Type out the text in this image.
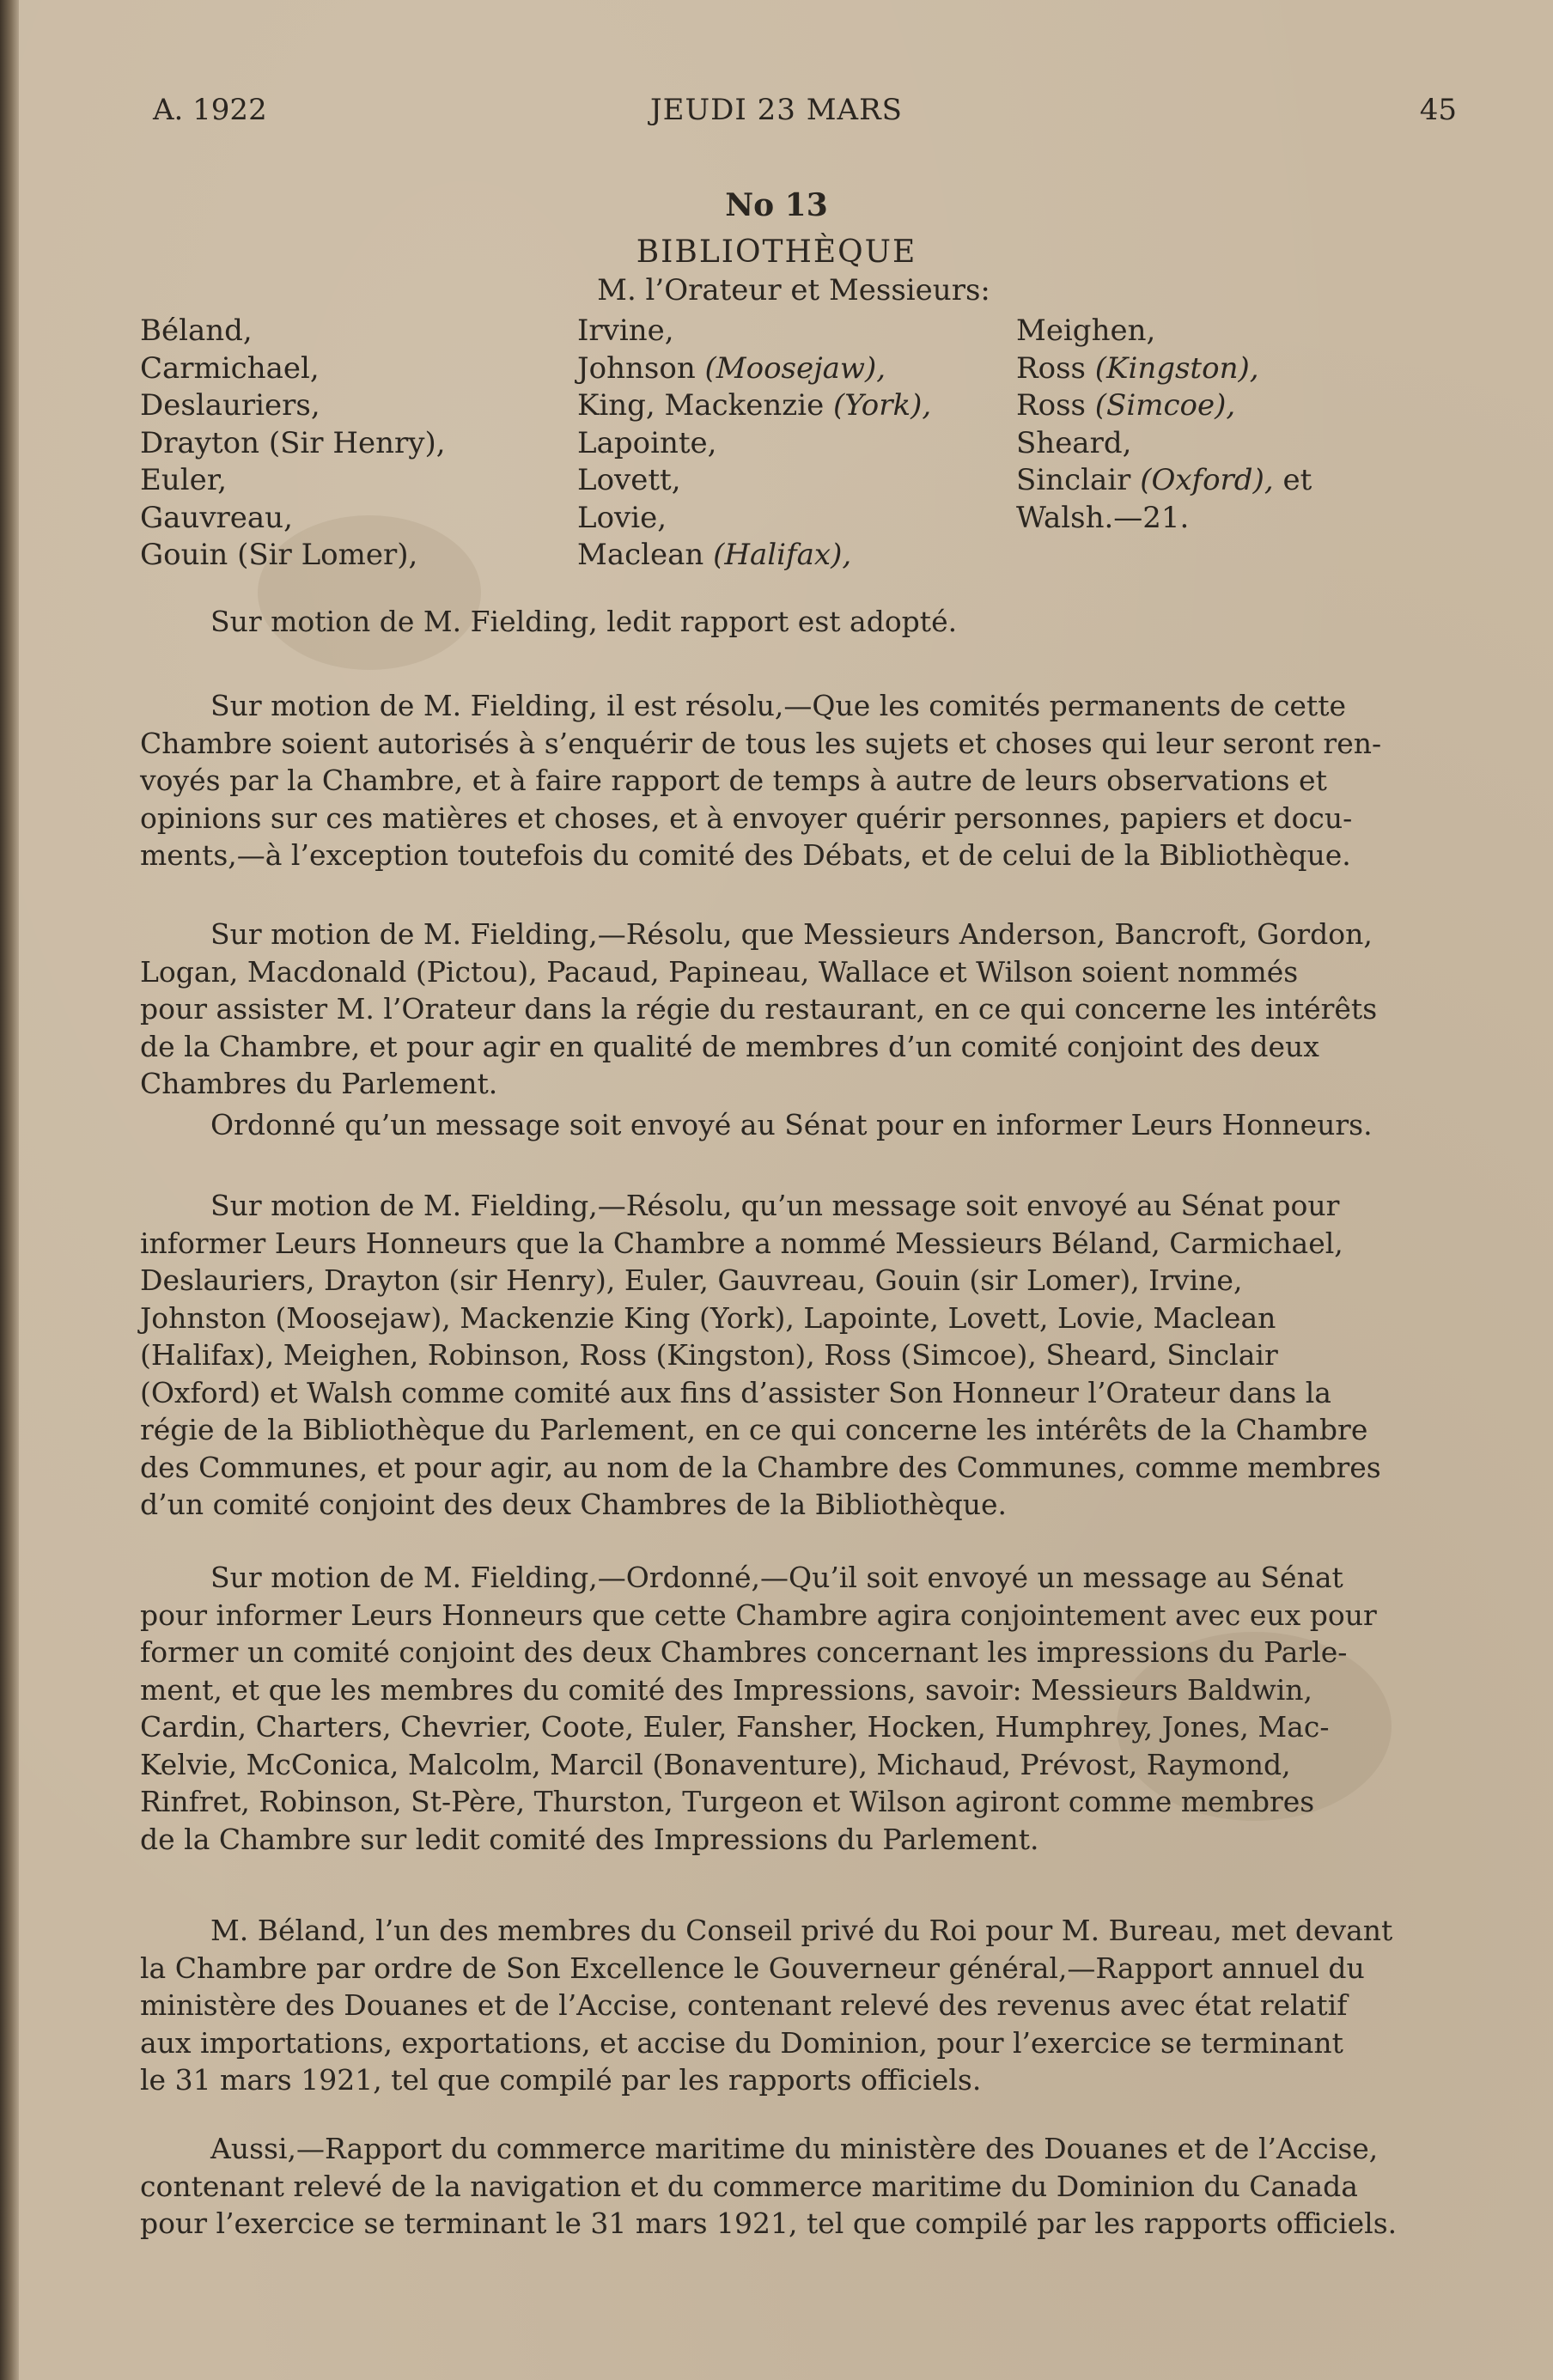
A. 1922	JEUDI 23 MARS	45
No 13
BIBLIOTHÈQUE
M. l’Orateur et Messieurs:
Béland,
Carmichael,
Deslauriers,
Drayton (Sir Henry),
Euler,
Gauvreau,
Gouin (Sir Lomer),
Irvine,
Johnson (Moosejaw),
King, Mackenzie (York),
Lapointe,
Lovett,
Lovie,
Maclean (Halifax),
Meighen,
Ross (Kingston),
Ross (Simcoe),
Sheard,
Sinclair (Oxford), et
Walsh.—21.
Sur motion de M. Fielding, ledit rapport est adopté.
Sur motion de M. Fielding, il est résolu,—Que les comités permanents de cette
Chambre soient autorisés à s’enquérir de tous les sujets et choses qui leur seront ren-
voyés par la Chambre, et à faire rapport de temps à autre de leurs observations et
opinions sur ces matières et choses, et à envoyer quérir personnes, papiers et docu-
ments,—à l’exception toutefois du comité des Débats, et de celui de la Bibliothèque.
Sur motion de M. Fielding,—Résolu, que Messieurs Anderson, Bancroft, Gordon,
Logan, Macdonald (Pictou), Pacaud, Papineau, Wallace et Wilson soient nommés
pour assister M. l’Orateur dans la régie du restaurant, en ce qui concerne les intérêts
de la Chambre, et pour agir en qualité de membres d’un comité conjoint des deux
Chambres du Parlement.
Ordonné qu’un message soit envoyé au Sénat pour en informer Leurs Honneurs.
Sur motion de M. Fielding,—Résolu, qu’un message soit envoyé au Sénat pour
informer Leurs Honneurs que la Chambre a nommé Messieurs Béland, Carmichael,
Deslauriers, Drayton (sir Henry), Euler, Gauvreau, Gouin (sir Lomer), Irvine,
Johnston (Moosejaw), Mackenzie King (York), Lapointe, Lovett, Lovie, Maclean
(Halifax), Meighen, Robinson, Ross (Kingston), Ross (Simcoe), Sheard, Sinclair
(Oxford) et Walsh comme comité aux fins d’assister Son Honneur l’Orateur dans la
régie de la Bibliothèque du Parlement, en ce qui concerne les intérêts de la Chambre
des Communes, et pour agir, au nom de la Chambre des Communes, comme membres
d’un comité conjoint des deux Chambres de la Bibliothèque.
Sur motion de M. Fielding,—Ordonné,—Qu’il soit envoyé un message au Sénat
pour informer Leurs Honneurs que cette Chambre agira conjointement avec eux pour
former un comité conjoint des deux Chambres concernant les impressions du Parle-
ment, et que les membres du comité des Impressions, savoir: Messieurs Baldwin,
Cardin, Charters, Chevrier, Coote, Euler, Fansher, Hocken, Humphrey, Jones, Mac-
Kelvie, McConica, Malcolm, Marcil (Bonaventure), Michaud, Prévost, Raymond,
Rinfret, Robinson, St-Père, Thurston, Turgeon et Wilson agiront comme membres
de la Chambre sur ledit comité des Impressions du Parlement.
M. Béland, l’un des membres du Conseil privé du Roi pour M. Bureau, met devant
la Chambre par ordre de Son Excellence le Gouverneur général,—Rapport annuel du
ministère des Douanes et de l’Accise, contenant relevé des revenus avec état relatif
aux importations, exportations, et accise du Dominion, pour l’exercice se terminant
le 31 mars 1921, tel que compilé par les rapports officiels.
Aussi,—Rapport du commerce maritime du ministère des Douanes et de l’Accise,
contenant relevé de la navigation et du commerce maritime du Dominion du Canada
pour l’exercice se terminant le 31 mars 1921, tel que compilé par les rapports officiels.
